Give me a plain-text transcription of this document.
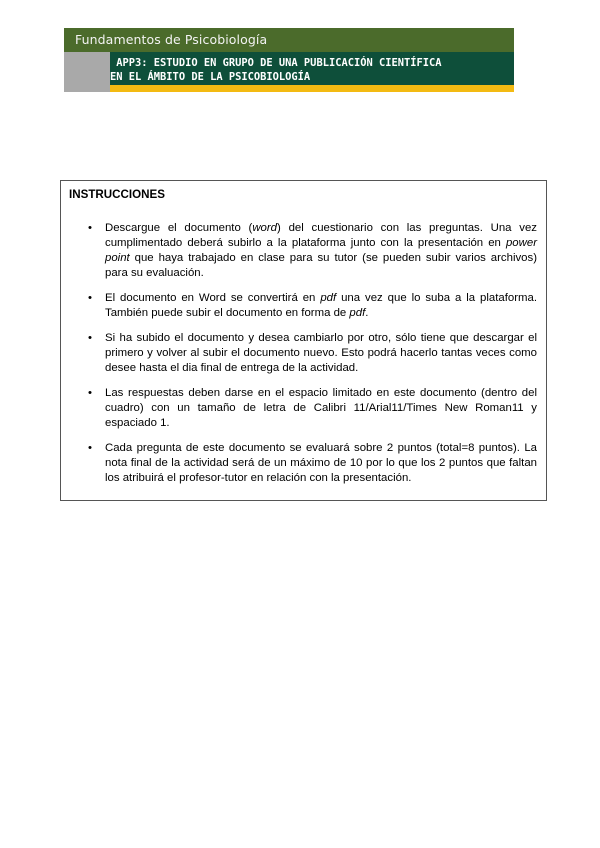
Fundamentos de Psicobiología
APP3: ESTUDIO EN GRUPO DE UNA PUBLICACIÓN CIENTÍFICA
EN EL ÁMBITO DE LA PSICOBIOLOGÍA
INSTRUCCIONES
• Descargue el documento (word) del cuestionario con las preguntas. Una vez cumplimentado deberá subirlo a la plataforma junto con la presentación en power point que haya trabajado en clase para su tutor (se pueden subir varios archivos) para su evaluación.
• El documento en Word se convertirá en pdf una vez que lo suba a la plataforma. También puede subir el documento en forma de pdf.
• Si ha subido el documento y desea cambiarlo por otro, sólo tiene que descargar el primero y volver al subir el documento nuevo. Esto podrá hacerlo tantas veces como desee hasta el dia final de entrega de la actividad.
• Las respuestas deben darse en el espacio limitado en este documento (dentro del cuadro) con un tamaño de letra de Calibri 11/Arial11/Times New Roman11 y espaciado 1.
• Cada pregunta de este documento se evaluará sobre 2 puntos (total=8 puntos). La nota final de la actividad será de un máximo de 10 por lo que los 2 puntos que faltan los atribuirá el profesor-tutor en relación con la presentación.
